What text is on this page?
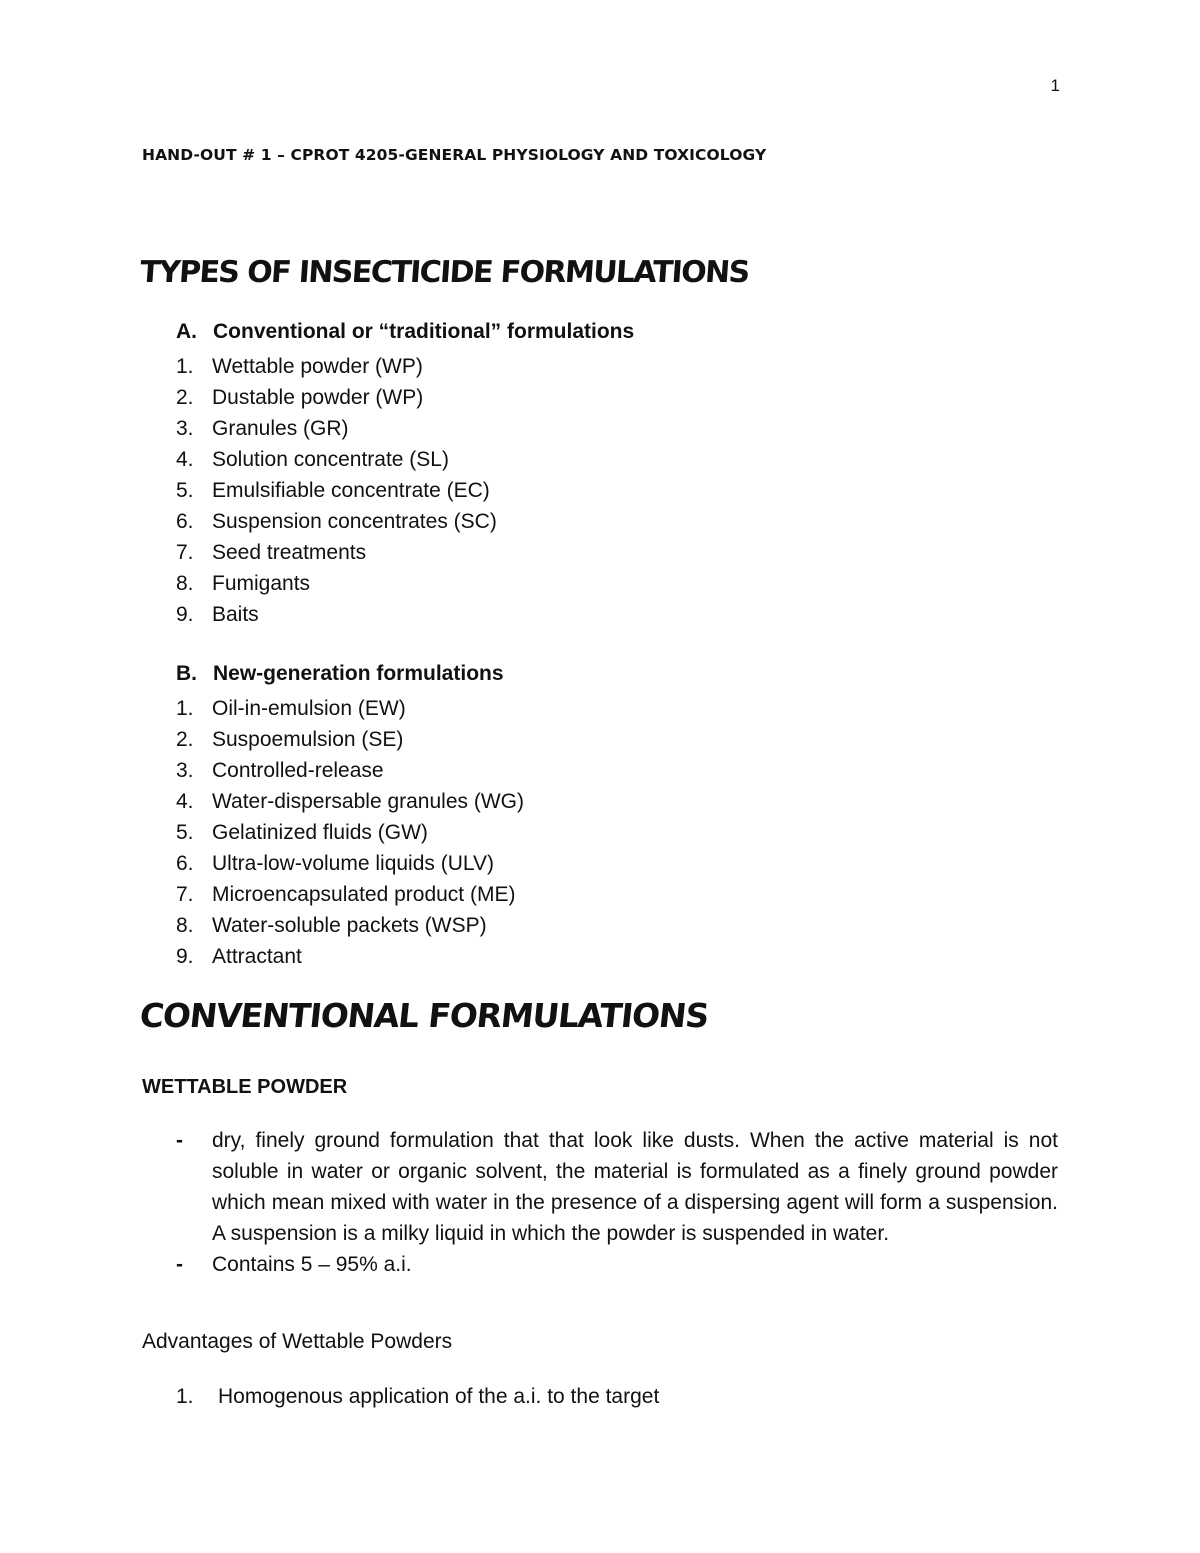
1
HAND-OUT # 1 – CPROT 4205-GENERAL PHYSIOLOGY AND TOXICOLOGY
TYPES OF INSECTICIDE FORMULATIONS
A. Conventional or “traditional” formulations
1. Wettable powder (WP)
2. Dustable powder (WP)
3. Granules (GR)
4. Solution concentrate (SL)
5. Emulsifiable concentrate (EC)
6. Suspension concentrates (SC)
7. Seed treatments
8. Fumigants
9. Baits
B. New-generation formulations
1. Oil-in-emulsion (EW)
2. Suspoemulsion (SE)
3. Controlled-release
4. Water-dispersable granules (WG)
5. Gelatinized fluids (GW)
6. Ultra-low-volume liquids (ULV)
7. Microencapsulated product (ME)
8. Water-soluble packets (WSP)
9. Attractant
CONVENTIONAL FORMULATIONS
WETTABLE POWDER
- dry, finely ground formulation that that look like dusts. When the active material is not soluble in water or organic solvent, the material is formulated as a finely ground powder which mean mixed with water in the presence of a dispersing agent will form a suspension. A suspension is a milky liquid in which the powder is suspended in water.
- Contains 5 – 95% a.i.
Advantages of Wettable Powders
1. Homogenous application of the a.i. to the target
